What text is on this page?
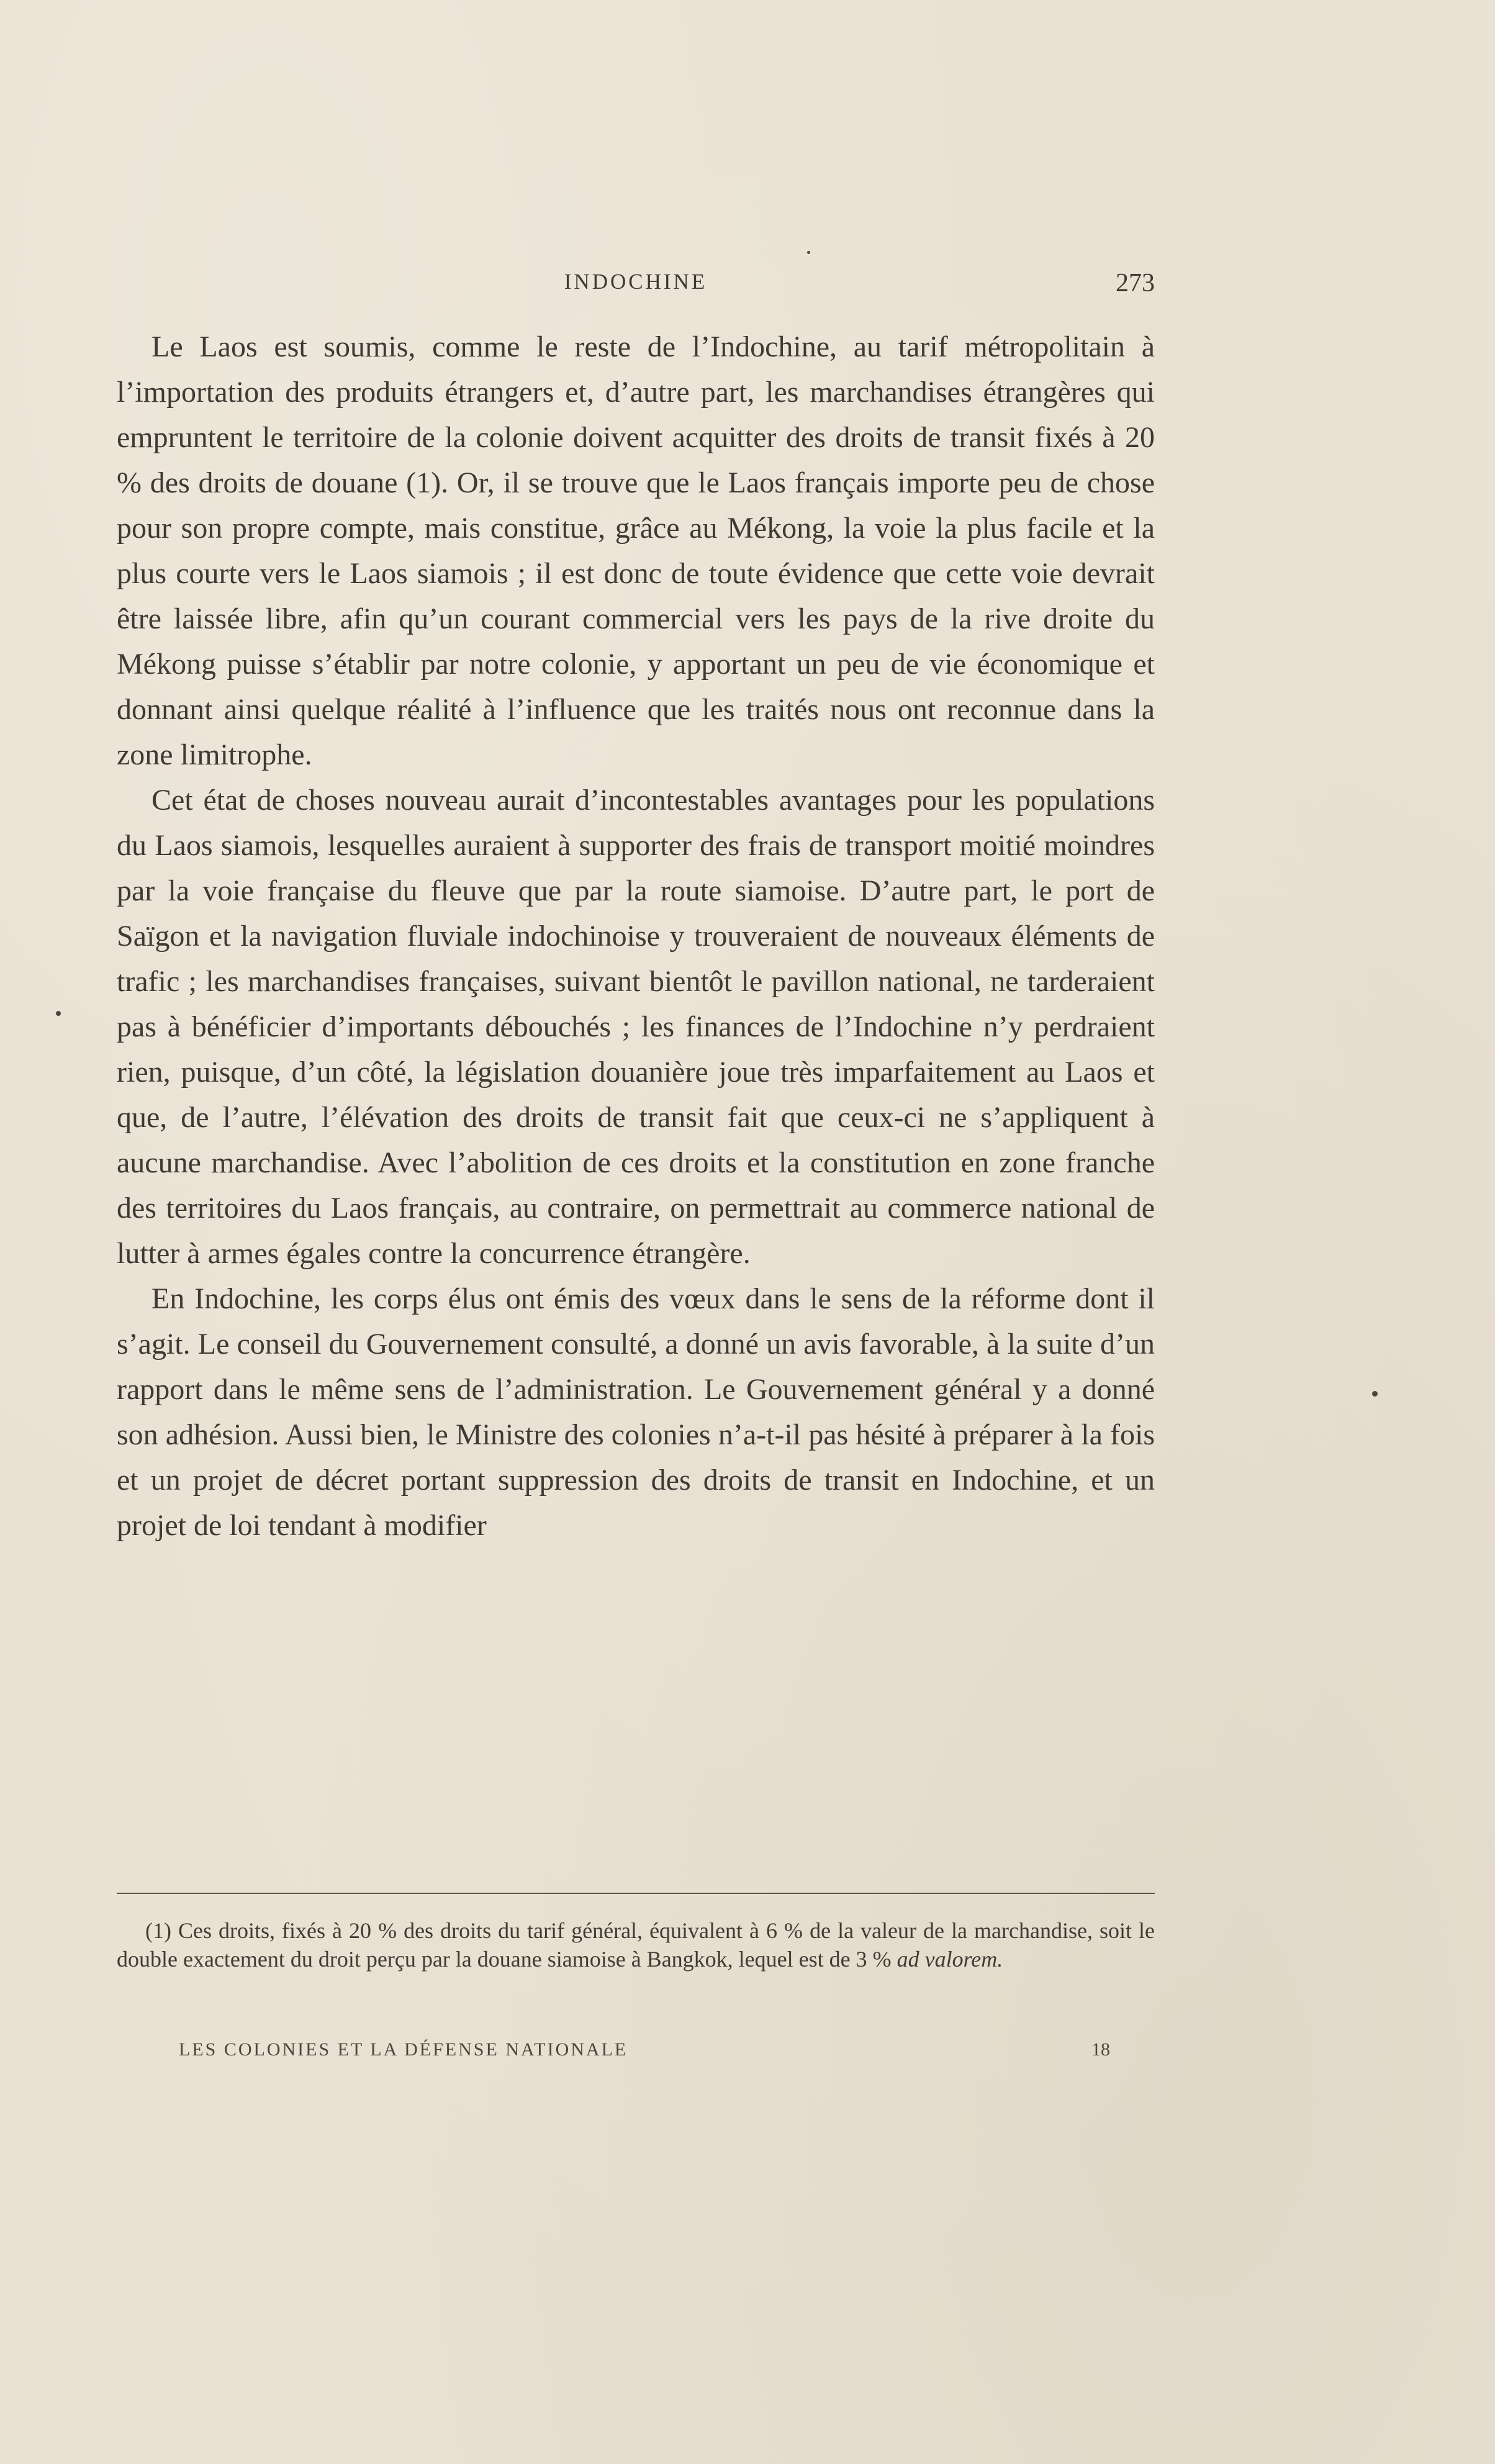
INDOCHINE	273

Le Laos est soumis, comme le reste de l’Indochine, au tarif métropolitain à l’importation des produits étrangers et, d’autre part, les marchandises étrangères qui empruntent le territoire de la colonie doivent acquitter des droits de transit fixés à 20 % des droits de douane (1). Or, il se trouve que le Laos français importe peu de chose pour son propre compte, mais constitue, grâce au Mékong, la voie la plus facile et la plus courte vers le Laos siamois ; il est donc de toute évidence que cette voie devrait être laissée libre, afin qu’un courant commercial vers les pays de la rive droite du Mékong puisse s’établir par notre colonie, y apportant un peu de vie économique et donnant ainsi quelque réalité à l’influence que les traités nous ont reconnue dans la zone limitrophe.

Cet état de choses nouveau aurait d’incontestables avantages pour les populations du Laos siamois, lesquelles auraient à supporter des frais de transport moitié moindres par la voie française du fleuve que par la route siamoise. D’autre part, le port de Saïgon et la navigation fluviale indochinoise y trouveraient de nouveaux éléments de trafic ; les marchandises françaises, suivant bientôt le pavillon national, ne tarderaient pas à bénéficier d’importants débouchés ; les finances de l’Indochine n’y perdraient rien, puisque, d’un côté, la législation douanière joue très imparfaitement au Laos et que, de l’autre, l’élévation des droits de transit fait que ceux-ci ne s’appliquent à aucune marchandise. Avec l’abolition de ces droits et la constitution en zone franche des territoires du Laos français, au contraire, on permettrait au commerce national de lutter à armes égales contre la concurrence étrangère.

En Indochine, les corps élus ont émis des vœux dans le sens de la réforme dont il s’agit. Le conseil du Gouvernement consulté, a donné un avis favorable, à la suite d’un rapport dans le même sens de l’administration. Le Gouvernement général y a donné son adhésion. Aussi bien, le Ministre des colonies n’a-t-il pas hésité à préparer à la fois et un projet de décret portant suppression des droits de transit en Indochine, et un projet de loi tendant à modifier

(1) Ces droits, fixés à 20 % des droits du tarif général, équivalent à 6 % de la valeur de la marchandise, soit le double exactement du droit perçu par la douane siamoise à Bangkok, lequel est de 3 % ad valorem.

LES COLONIES ET LA DÉFENSE NATIONALE	18
